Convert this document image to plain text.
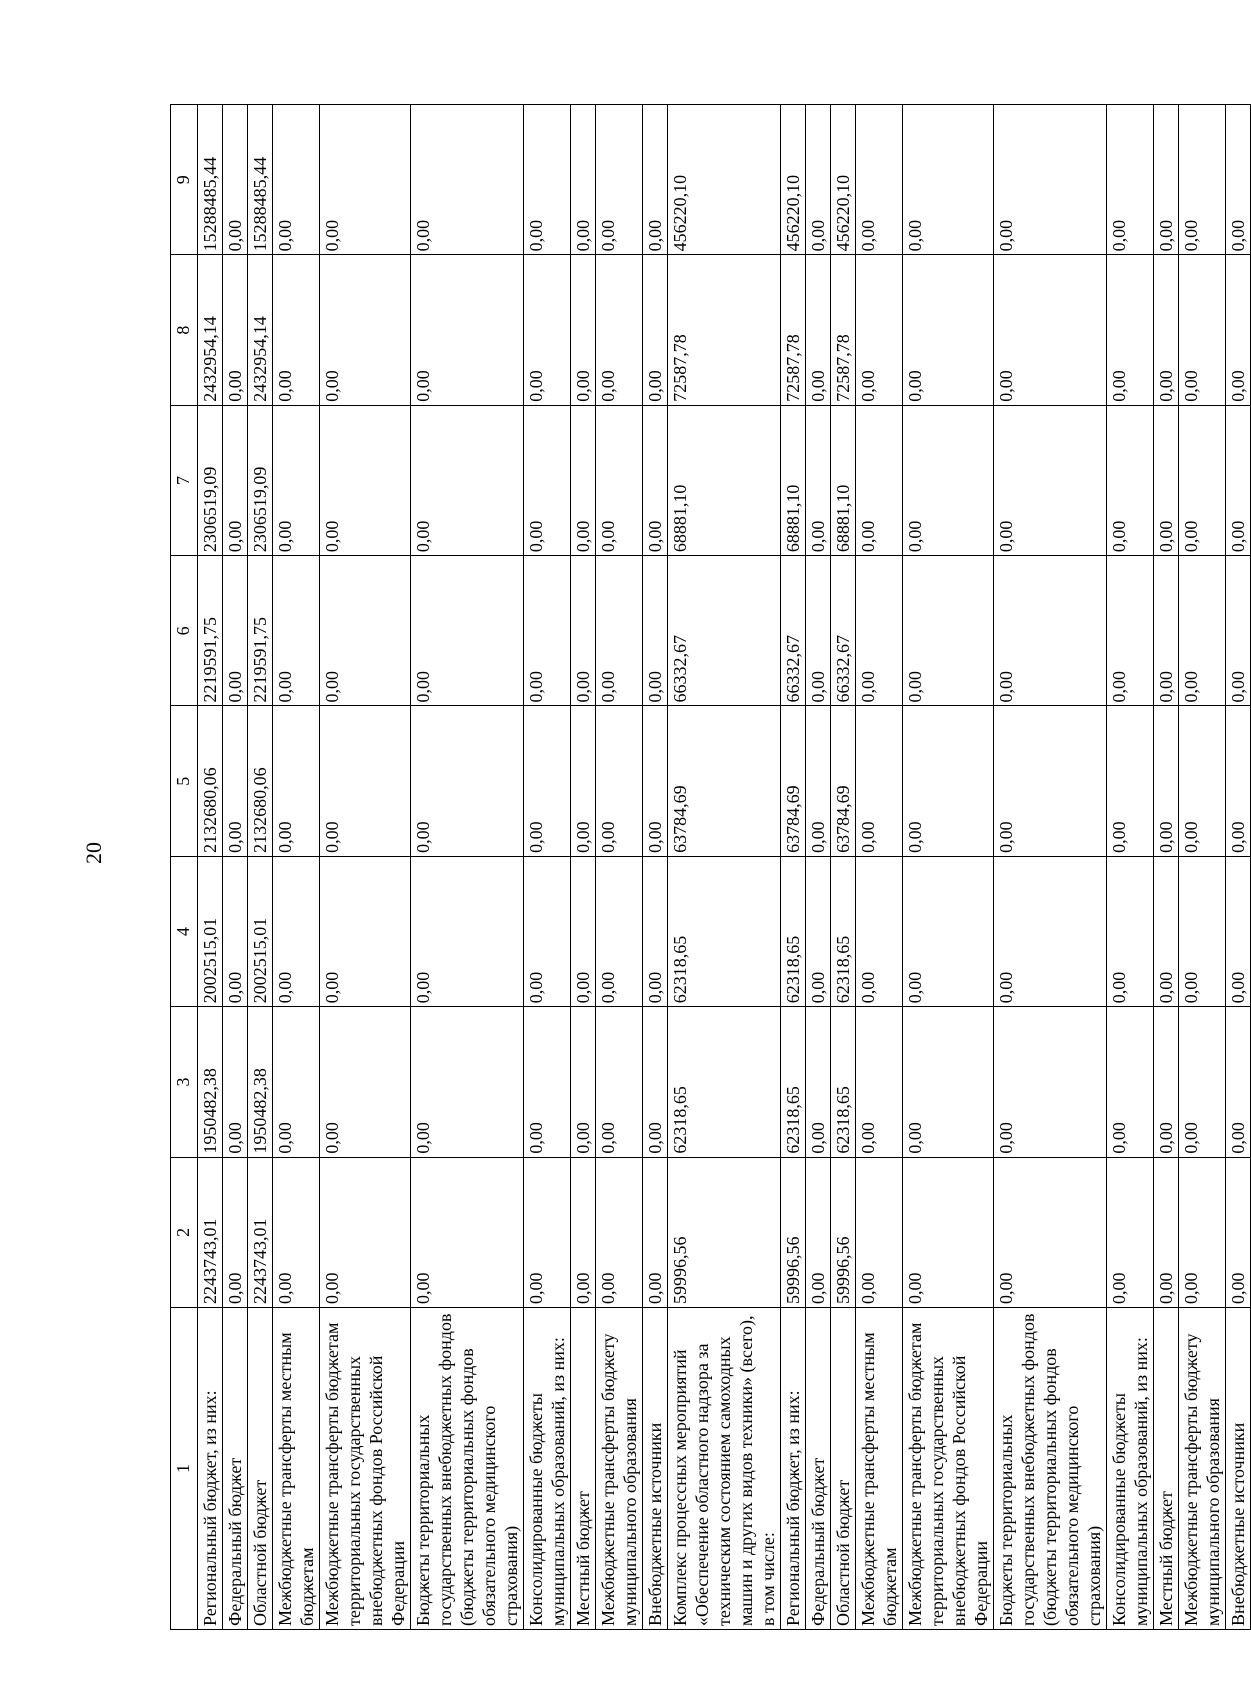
20
1	2	3	4	5	6	7	8	9
Региональный бюджет, из них:	2243743,01	1950482,38	2002515,01	2132680,06	2219591,75	2306519,09	2432954,14	15288485,44
Федеральный бюджет	0,00	0,00	0,00	0,00	0,00	0,00	0,00	0,00
Областной бюджет	2243743,01	1950482,38	2002515,01	2132680,06	2219591,75	2306519,09	2432954,14	15288485,44
Межбюджетные трансферты местным бюджетам	0,00	0,00	0,00	0,00	0,00	0,00	0,00	0,00
Межбюджетные трансферты бюджетам территориальных государственных внебюджетных фондов Российской Федерации	0,00	0,00	0,00	0,00	0,00	0,00	0,00	0,00
Бюджеты территориальных государственных внебюджетных фондов (бюджеты территориальных фондов обязательного медицинского страхования)	0,00	0,00	0,00	0,00	0,00	0,00	0,00	0,00
Консолидированные бюджеты муниципальных образований, из них:	0,00	0,00	0,00	0,00	0,00	0,00	0,00	0,00
Местный бюджет	0,00	0,00	0,00	0,00	0,00	0,00	0,00	0,00
Межбюджетные трансферты бюджету муниципального образования	0,00	0,00	0,00	0,00	0,00	0,00	0,00	0,00
Внебюджетные источники	0,00	0,00	0,00	0,00	0,00	0,00	0,00	0,00
Комплекс процессных мероприятий «Обеспечение областного надзора за техническим состоянием самоходных машин и других видов техники» (всего), в том числе:	59996,56	62318,65	62318,65	63784,69	66332,67	68881,10	72587,78	456220,10
Региональный бюджет, из них:	59996,56	62318,65	62318,65	63784,69	66332,67	68881,10	72587,78	456220,10
Федеральный бюджет	0,00	0,00	0,00	0,00	0,00	0,00	0,00	0,00
Областной бюджет	59996,56	62318,65	62318,65	63784,69	66332,67	68881,10	72587,78	456220,10
Межбюджетные трансферты местным бюджетам	0,00	0,00	0,00	0,00	0,00	0,00	0,00	0,00
Межбюджетные трансферты бюджетам территориальных государственных внебюджетных фондов Российской Федерации	0,00	0,00	0,00	0,00	0,00	0,00	0,00	0,00
Бюджеты территориальных государственных внебюджетных фондов (бюджеты территориальных фондов обязательного медицинского страхования)	0,00	0,00	0,00	0,00	0,00	0,00	0,00	0,00
Консолидированные бюджеты муниципальных образований, из них:	0,00	0,00	0,00	0,00	0,00	0,00	0,00	0,00
Местный бюджет	0,00	0,00	0,00	0,00	0,00	0,00	0,00	0,00
Межбюджетные трансферты бюджету муниципального образования	0,00	0,00	0,00	0,00	0,00	0,00	0,00	0,00
Внебюджетные источники	0,00	0,00	0,00	0,00	0,00	0,00	0,00	0,00
